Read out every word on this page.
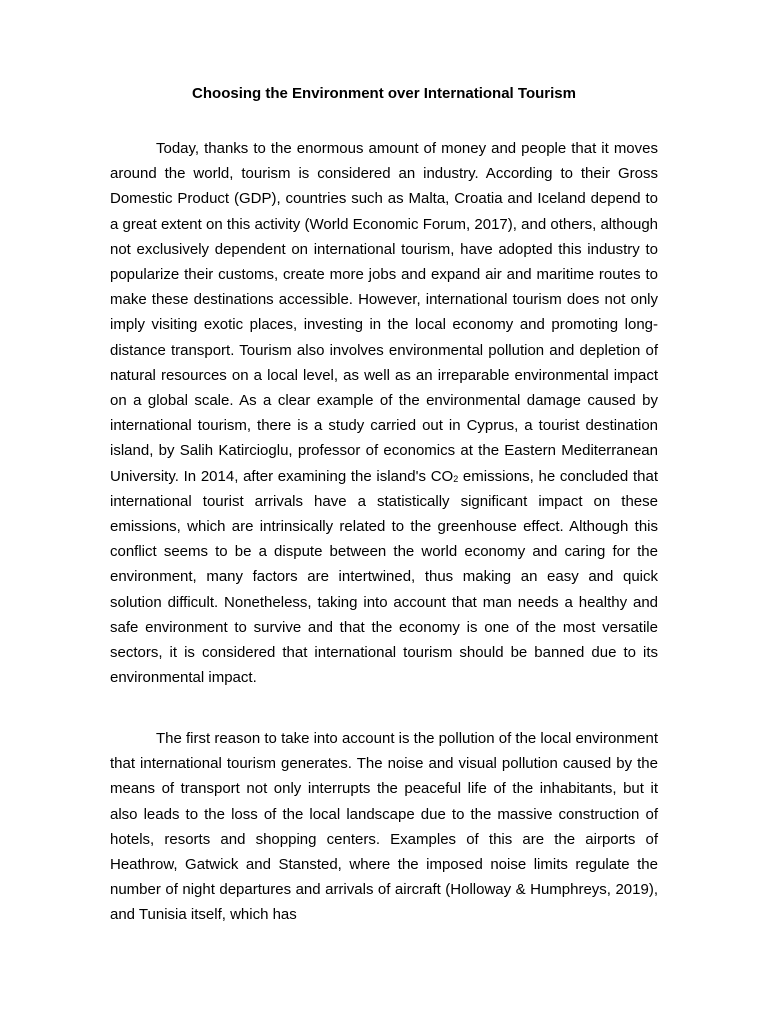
Choosing the Environment over International Tourism

Today, thanks to the enormous amount of money and people that it moves around the world, tourism is considered an industry. According to their Gross Domestic Product (GDP), countries such as Malta, Croatia and Iceland depend to a great extent on this activity (World Economic Forum, 2017), and others, although not exclusively dependent on international tourism, have adopted this industry to popularize their customs, create more jobs and expand air and maritime routes to make these destinations accessible. However, international tourism does not only imply visiting exotic places, investing in the local economy and promoting long-distance transport. Tourism also involves environmental pollution and depletion of natural resources on a local level, as well as an irreparable environmental impact on a global scale. As a clear example of the environmental damage caused by international tourism, there is a study carried out in Cyprus, a tourist destination island, by Salih Katircioglu, professor of economics at the Eastern Mediterranean University. In 2014, after examining the island's $CO_2$ emissions, he concluded that international tourist arrivals have a statistically significant impact on these emissions, which are intrinsically related to the greenhouse effect. Although this conflict seems to be a dispute between the world economy and caring for the environment, many factors are intertwined, thus making an easy and quick solution difficult. Nonetheless, taking into account that man needs a healthy and safe environment to survive and that the economy is one of the most versatile sectors, it is considered that international tourism should be banned due to its environmental impact.

The first reason to take into account is the pollution of the local environment that international tourism generates. The noise and visual pollution caused by the means of transport not only interrupts the peaceful life of the inhabitants, but it also leads to the loss of the local landscape due to the massive construction of hotels, resorts and shopping centers. Examples of this are the airports of Heathrow, Gatwick and Stansted, where the imposed noise limits regulate the number of night departures and arrivals of aircraft (Holloway & Humphreys, 2019), and Tunisia itself, which has
